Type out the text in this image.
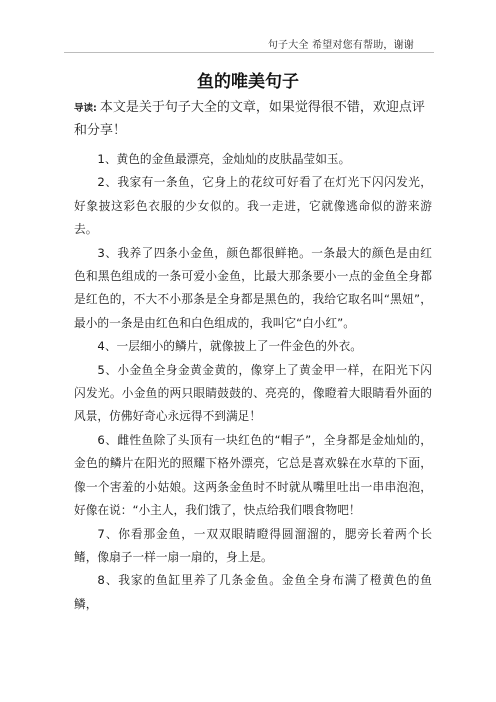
句子大全 希望对您有帮助，谢谢
鱼的唯美句子
导读: 本文是关于句子大全的文章，如果觉得很不错，欢迎点评和分享！

1、黄色的金鱼最漂亮，金灿灿的皮肤晶莹如玉。

2、我家有一条鱼，它身上的花纹可好看了在灯光下闪闪发光，好象披这彩色衣服的少女似的。我一走进，它就像逃命似的游来游去。

3、我养了四条小金鱼，颜色都很鲜艳。一条最大的颜色是由红色和黑色组成的一条可爱小金鱼，比最大那条要小一点的金鱼全身都是红色的，不大不小那条是全身都是黑色的，我给它取名叫“黑妞”，最小的一条是由红色和白色组成的，我叫它“白小红”。

4、一层细小的鳞片，就像披上了一件金色的外衣。

5、小金鱼全身金黄金黄的，像穿上了黄金甲一样，在阳光下闪闪发光。小金鱼的两只眼睛鼓鼓的、亮亮的，像瞪着大眼睛看外面的风景，仿佛好奇心永远得不到满足！

6、雌性鱼除了头顶有一块红色的“帽子”，全身都是金灿灿的，金色的鳞片在阳光的照耀下格外漂亮，它总是喜欢躲在水草的下面，像一个害羞的小姑娘。这两条金鱼时不时就从嘴里吐出一串串泡泡，好像在说：“小主人，我们饿了，快点给我们喂食物吧！

7、你看那金鱼，一双双眼睛瞪得圆溜溜的，腮旁长着两个长鳍，像扇子一样一扇一扇的，身上是。

8、我家的鱼缸里养了几条金鱼。金鱼全身布满了橙黄色的鱼鳞，
